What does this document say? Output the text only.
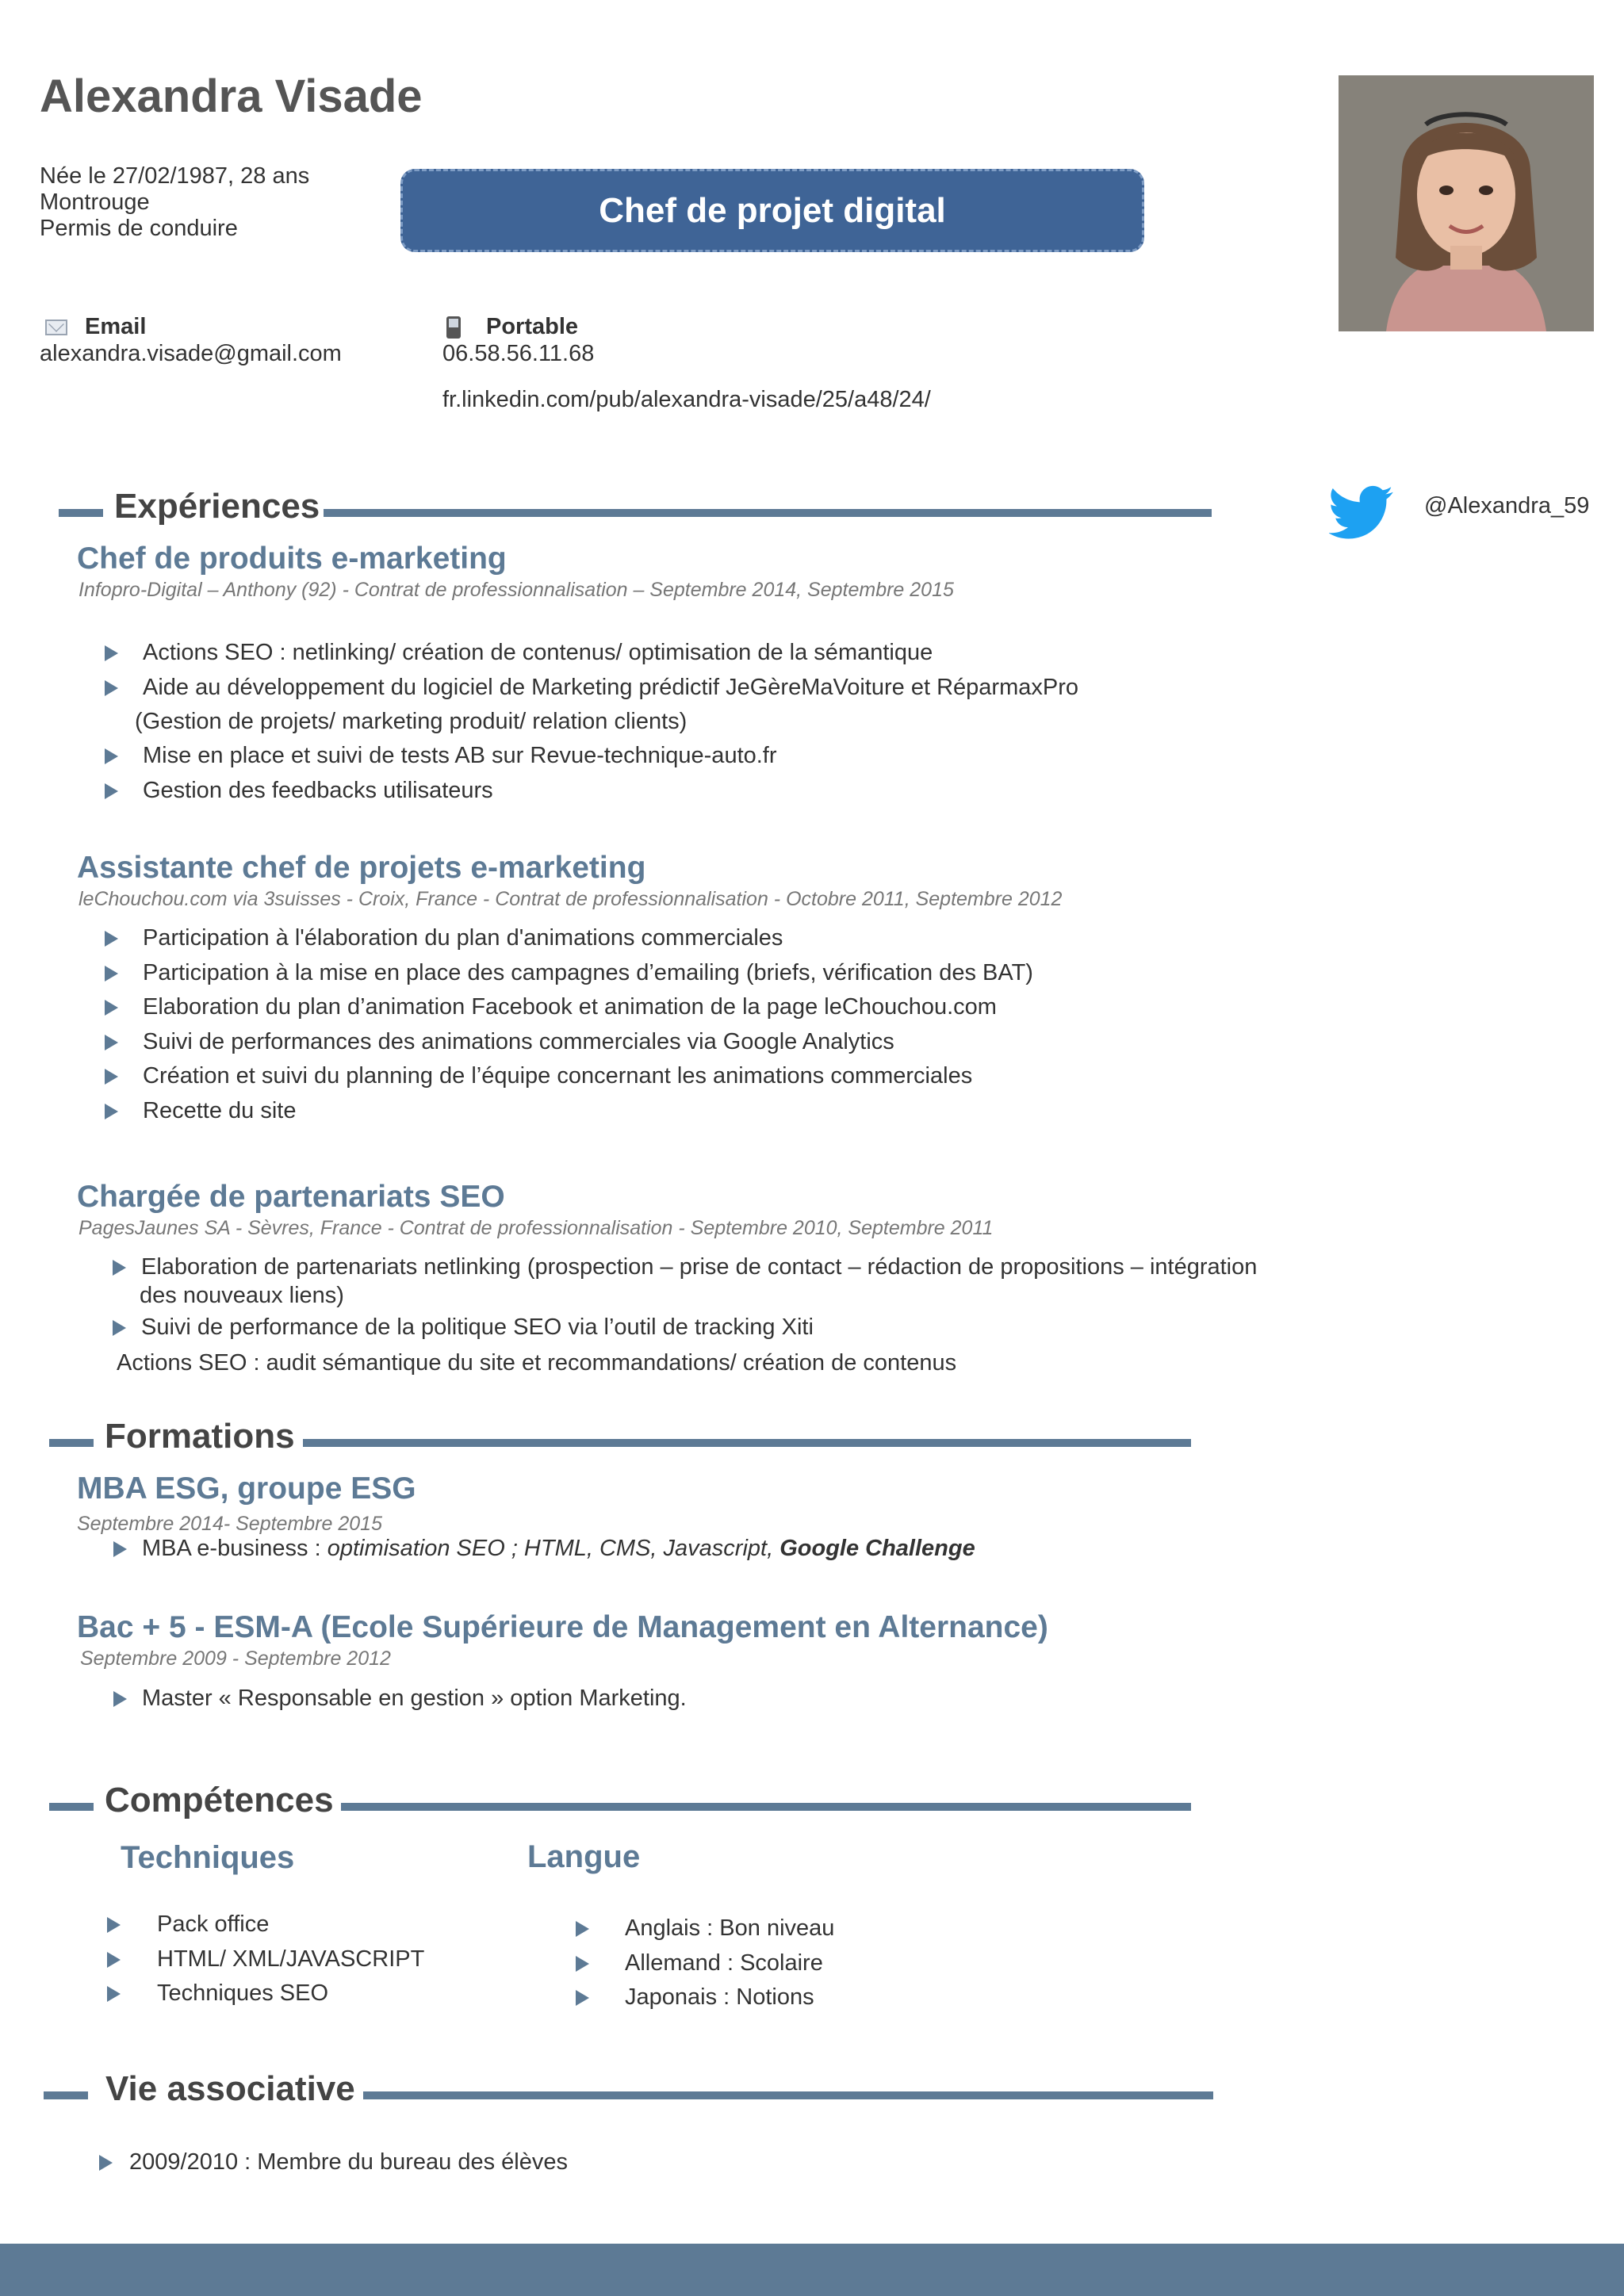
Alexandra Visade
Née le 27/02/1987, 28 ans
Montrouge
Permis de conduire	Chef de projet digital
Email
alexandra.visade@gmail.com
Portable
06.58.56.11.68
fr.linkedin.com/pub/alexandra-visade/25/a48/24/
@Alexandra_59
Expériences
Chef de produits e-marketing
Infopro-Digital – Anthony (92) - Contrat de professionnalisation – Septembre 2014, Septembre 2015
Actions SEO : netlinking/ création de contenus/ optimisation de la sémantique
Aide au développement du logiciel de Marketing prédictif JeGèreMaVoiture et RéparmaxPro
(Gestion de projets/ marketing produit/ relation clients)
Mise en place et suivi de tests AB sur Revue-technique-auto.fr
Gestion des feedbacks utilisateurs
Assistante chef de projets e-marketing
leChouchou.com via 3suisses - Croix, France - Contrat de professionnalisation - Octobre 2011, Septembre 2012
Participation à l'élaboration du plan d'animations commerciales
Participation à la mise en place des campagnes d’emailing (briefs, vérification des BAT)
Elaboration du plan d’animation Facebook et animation de la page leChouchou.com
Suivi de performances des animations commerciales via Google Analytics
Création et suivi du planning de l’équipe concernant les animations commerciales
Recette du site
Chargée de partenariats SEO
PagesJaunes SA - Sèvres, France - Contrat de professionnalisation - Septembre 2010, Septembre 2011
Elaboration de partenariats netlinking (prospection – prise de contact – rédaction de propositions – intégration
des nouveaux liens)
Suivi de performance de la politique SEO via l’outil de tracking Xiti
Actions SEO : audit sémantique du site et recommandations/ création de contenus
Formations
MBA ESG, groupe ESG
Septembre 2014- Septembre 2015
MBA e-business : optimisation SEO ; HTML, CMS, Javascript, Google Challenge
Bac + 5 - ESM-A (Ecole Supérieure de Management en Alternance)
Septembre 2009 - Septembre 2012
Master « Responsable en gestion » option Marketing.
Compétences
Techniques	Langue
Pack office
HTML/ XML/JAVASCRIPT
Techniques SEO
Anglais : Bon niveau
Allemand : Scolaire
Japonais : Notions
Vie associative
2009/2010 : Membre du bureau des élèves
